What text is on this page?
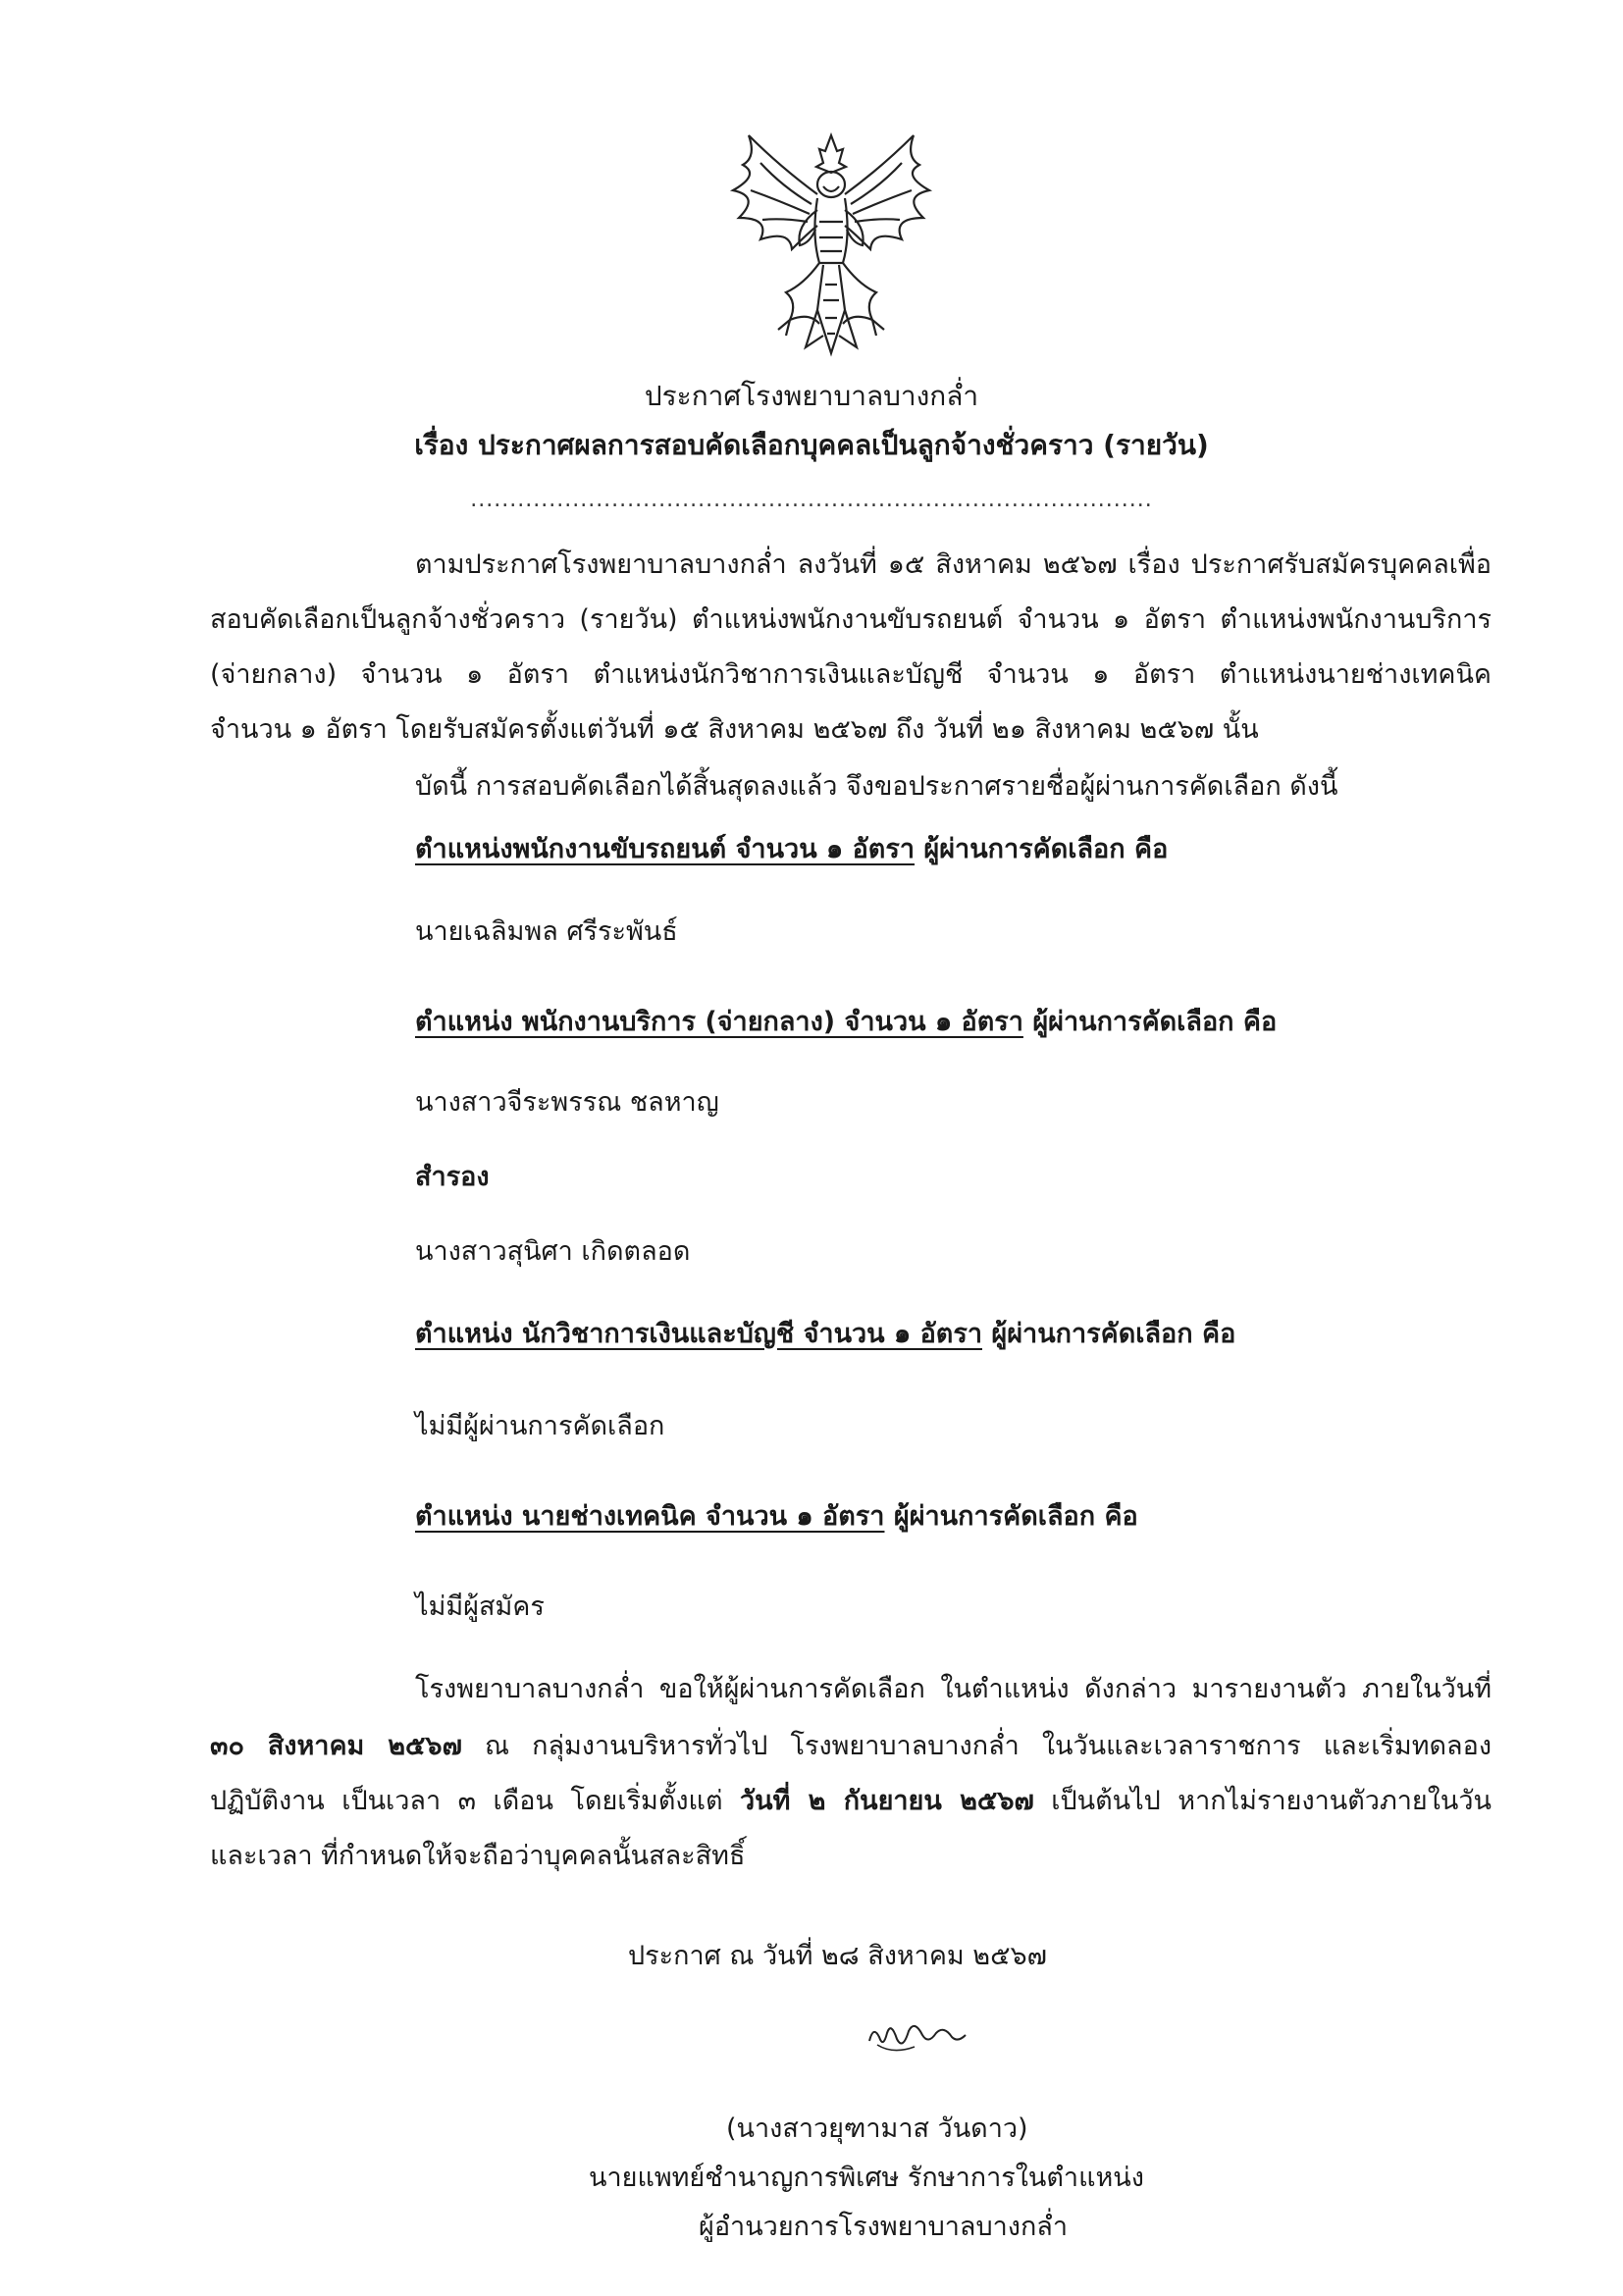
ประกาศโรงพยาบาลบางกล่ำ
เรื่อง ประกาศผลการสอบคัดเลือกบุคคลเป็นลูกจ้างชั่วคราว (รายวัน)
.......................................................................................
ตามประกาศโรงพยาบาลบางกล่ำ ลงวันที่ ๑๕ สิงหาคม ๒๕๖๗ เรื่อง ประกาศรับสมัครบุคคลเพื่อ
สอบคัดเลือกเป็นลูกจ้างชั่วคราว (รายวัน) ตำแหน่งพนักงานขับรถยนต์ จำนวน ๑ อัตรา ตำแหน่งพนักงานบริการ
(จ่ายกลาง) จำนวน ๑ อัตรา ตำแหน่งนักวิชาการเงินและบัญชี จำนวน ๑ อัตรา ตำแหน่งนายช่างเทคนิค
จำนวน ๑ อัตรา โดยรับสมัครตั้งแต่วันที่ ๑๕ สิงหาคม ๒๕๖๗ ถึง วันที่ ๒๑ สิงหาคม ๒๕๖๗ นั้น
บัดนี้ การสอบคัดเลือกได้สิ้นสุดลงแล้ว จึงขอประกาศรายชื่อผู้ผ่านการคัดเลือก ดังนี้
ตำแหน่งพนักงานขับรถยนต์ จำนวน ๑ อัตรา ผู้ผ่านการคัดเลือก คือ
นายเฉลิมพล ศรีระพันธ์
ตำแหน่ง พนักงานบริการ (จ่ายกลาง) จำนวน ๑ อัตรา ผู้ผ่านการคัดเลือก คือ
นางสาวจีระพรรณ ชลหาญ
สำรอง
นางสาวสุนิศา เกิดตลอด
ตำแหน่ง นักวิชาการเงินและบัญชี จำนวน ๑ อัตรา ผู้ผ่านการคัดเลือก คือ
ไม่มีผู้ผ่านการคัดเลือก
ตำแหน่ง นายช่างเทคนิค จำนวน ๑ อัตรา ผู้ผ่านการคัดเลือก คือ
ไม่มีผู้สมัคร
โรงพยาบาลบางกล่ำ ขอให้ผู้ผ่านการคัดเลือก ในตำแหน่ง ดังกล่าว มารายงานตัว ภายในวันที่
๓๐ สิงหาคม ๒๕๖๗ ณ กลุ่มงานบริหารทั่วไป โรงพยาบาลบางกล่ำ ในวันและเวลาราชการ และเริ่มทดลอง
ปฏิบัติงาน เป็นเวลา ๓ เดือน โดยเริ่มตั้งแต่ วันที่ ๒ กันยายน ๒๕๖๗ เป็นต้นไป หากไม่รายงานตัวภายในวัน
และเวลา ที่กำหนดให้จะถือว่าบุคคลนั้นสละสิทธิ์
ประกาศ ณ วันที่ ๒๘ สิงหาคม ๒๕๖๗
(นางสาวยุฑามาส วันดาว)
นายแพทย์ชำนาญการพิเศษ รักษาการในตำแหน่ง
ผู้อำนวยการโรงพยาบาลบางกล่ำ
